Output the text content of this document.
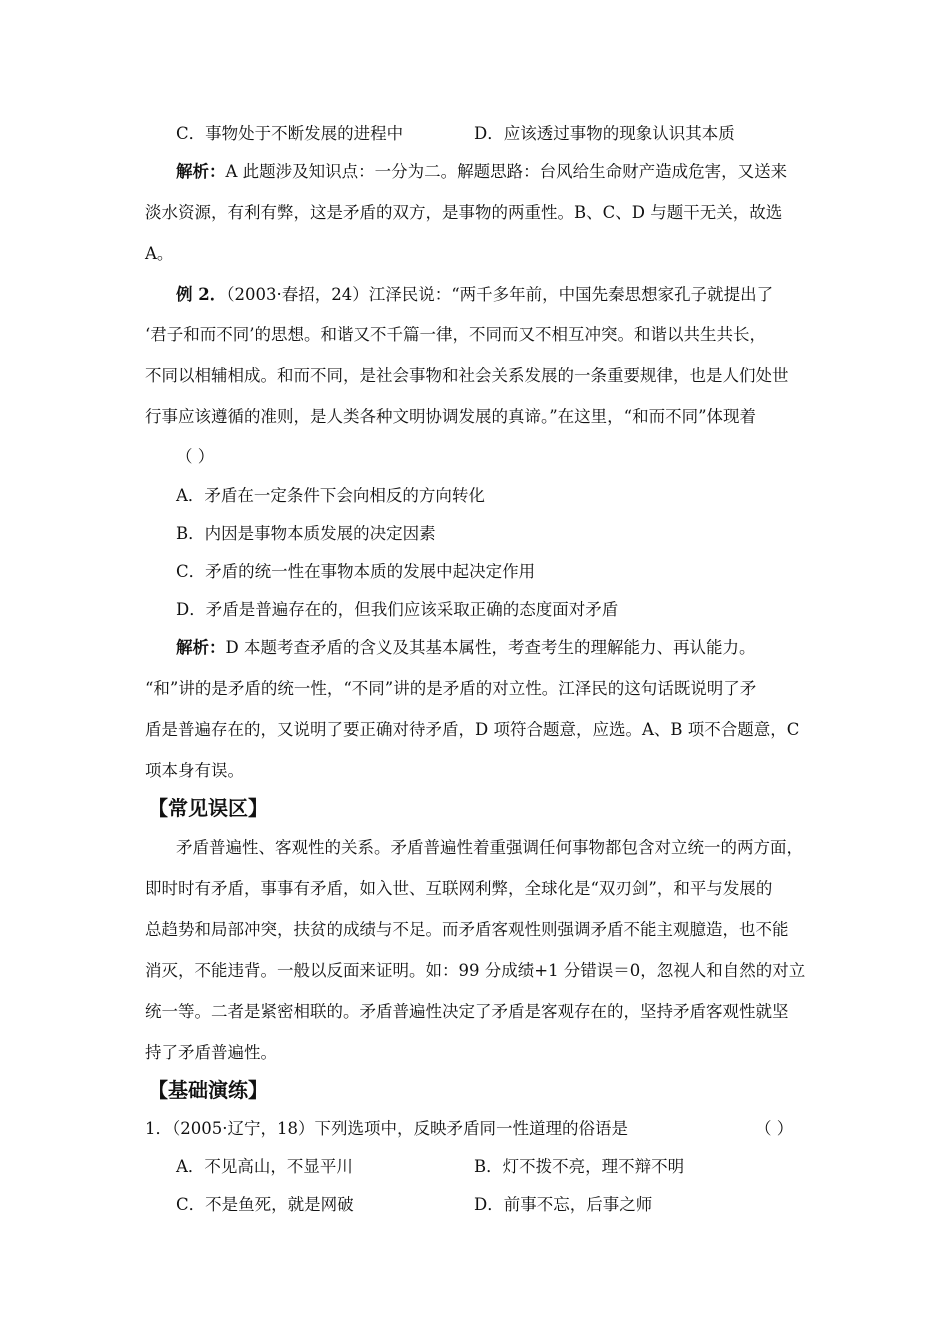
C．事物处于不断发展的进程中	D．应该透过事物的现象认识其本质
解析：A 此题涉及知识点：一分为二。解题思路：台风给生命财产造成危害，又送来
淡水资源，有利有弊，这是矛盾的双方，是事物的两重性。B、C、D 与题干无关，故选
A。
例 2．（2003·春招，24）江泽民说：“两千多年前，中国先秦思想家孔子就提出了
‘君子和而不同’的思想。和谐又不千篇一律，不同而又不相互冲突。和谐以共生共长，
不同以相辅相成。和而不同，是社会事物和社会关系发展的一条重要规律，也是人们处世
行事应该遵循的准则，是人类各种文明协调发展的真谛。”在这里，“和而不同”体现着
（ ）
A．矛盾在一定条件下会向相反的方向转化
B．内因是事物本质发展的决定因素
C．矛盾的统一性在事物本质的发展中起决定作用
D．矛盾是普遍存在的，但我们应该采取正确的态度面对矛盾
解析：D 本题考查矛盾的含义及其基本属性，考查考生的理解能力、再认能力。
“和”讲的是矛盾的统一性，“不同”讲的是矛盾的对立性。江泽民的这句话既说明了矛
盾是普遍存在的，又说明了要正确对待矛盾，D 项符合题意，应选。A、B 项不合题意，C
项本身有误。
【常见误区】
矛盾普遍性、客观性的关系。矛盾普遍性着重强调任何事物都包含对立统一的两方面，
即时时有矛盾，事事有矛盾，如入世、互联网利弊，全球化是“双刃剑”，和平与发展的
总趋势和局部冲突，扶贫的成绩与不足。而矛盾客观性则强调矛盾不能主观臆造，也不能
消灭，不能违背。一般以反面来证明。如：99 分成绩+1 分错误＝0，忽视人和自然的对立
统一等。二者是紧密相联的。矛盾普遍性决定了矛盾是客观存在的，坚持矛盾客观性就坚
持了矛盾普遍性。
【基础演练】
1．（2005·辽宁，18）下列选项中，反映矛盾同一性道理的俗语是	（ ）
A．不见高山，不显平川	B．灯不拨不亮，理不辩不明
C．不是鱼死，就是网破	D．前事不忘，后事之师
